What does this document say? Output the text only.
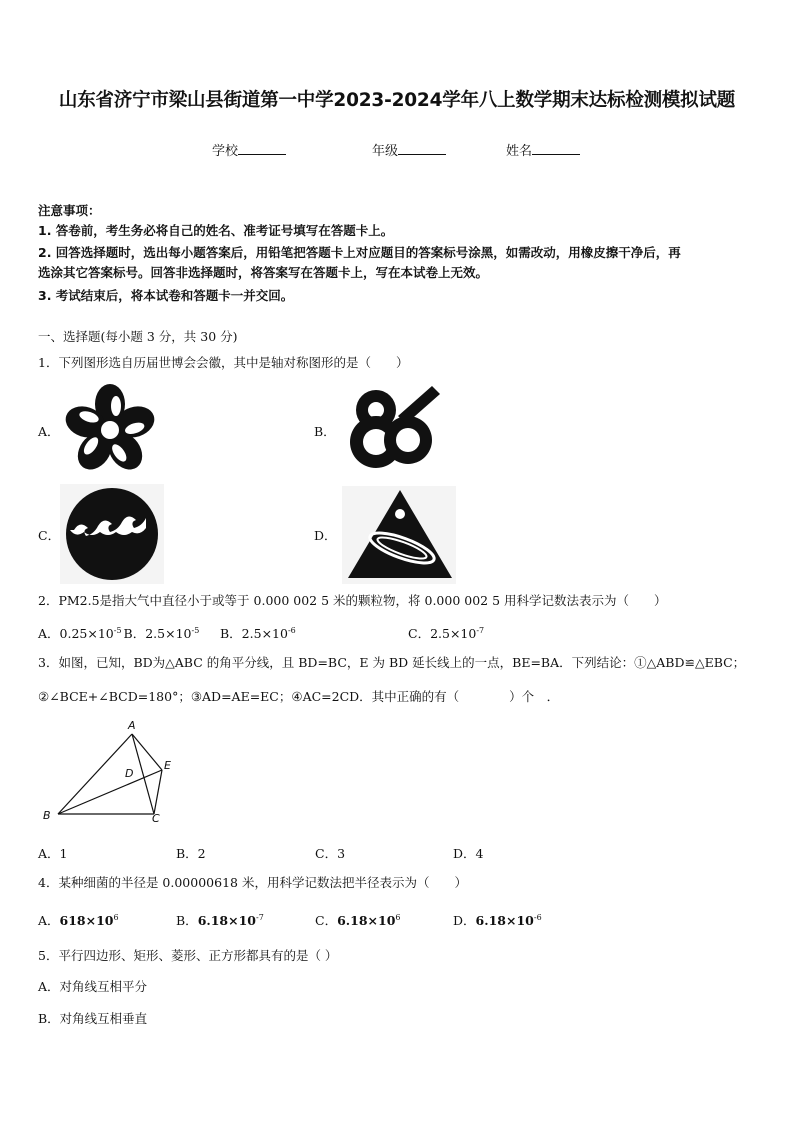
山东省济宁市梁山县街道第一中学2023-2024学年八上数学期末达标检测模拟试题
学校	年级	姓名
注意事项：
1. 答卷前，考生务必将自己的姓名、准考证号填写在答题卡上。
2. 回答选择题时，选出每小题答案后，用铅笔把答题卡上对应题目的答案标号涂黑，如需改动，用橡皮擦干净后，再
选涂其它答案标号。回答非选择题时，将答案写在答题卡上，写在本试卷上无效。
3. 考试结束后，将本试卷和答题卡一并交回。
一、选择题(每小题 3 分，共 30 分)
1．下列图形选自历届世博会会徽，其中是轴对称图形的是（　　）
A．	B．
C．	D．
2．PM2.5是指大气中直径小于或等于 0.000 002 5 米的颗粒物，将 0.000 002 5 用科学记数法表示为（　　）
A．$0.25\times 10^{-5}$ B．$2.5\times 10^{-5}$ B．$2.5\times 10^{-6}$	C．$2.5\times 10^{-7}$
3．如图，已知，BD为△ABC 的角平分线，且 BD=BC，E 为 BD 延长线上的一点，BE=BA．下列结论：①△ABD≌△EBC；
②∠BCE+∠BCD=180°；③AD=AE=EC；④AC=2CD．其中正确的有（　　　　）个　．
A
B	C
D
E
A．1	B．2	C．3	D．4
4．某种细菌的半径是 0.00000618 米，用科学记数法把半径表示为（　　）
A．$618\times 10^6$	B．$6.18\times 10^{-7}$	C．$6.18\times 10^6$	D．$6.18\times 10^{-6}$
5．平行四边形、矩形、菱形、正方形都具有的是（ ）
A．对角线互相平分
B．对角线互相垂直
